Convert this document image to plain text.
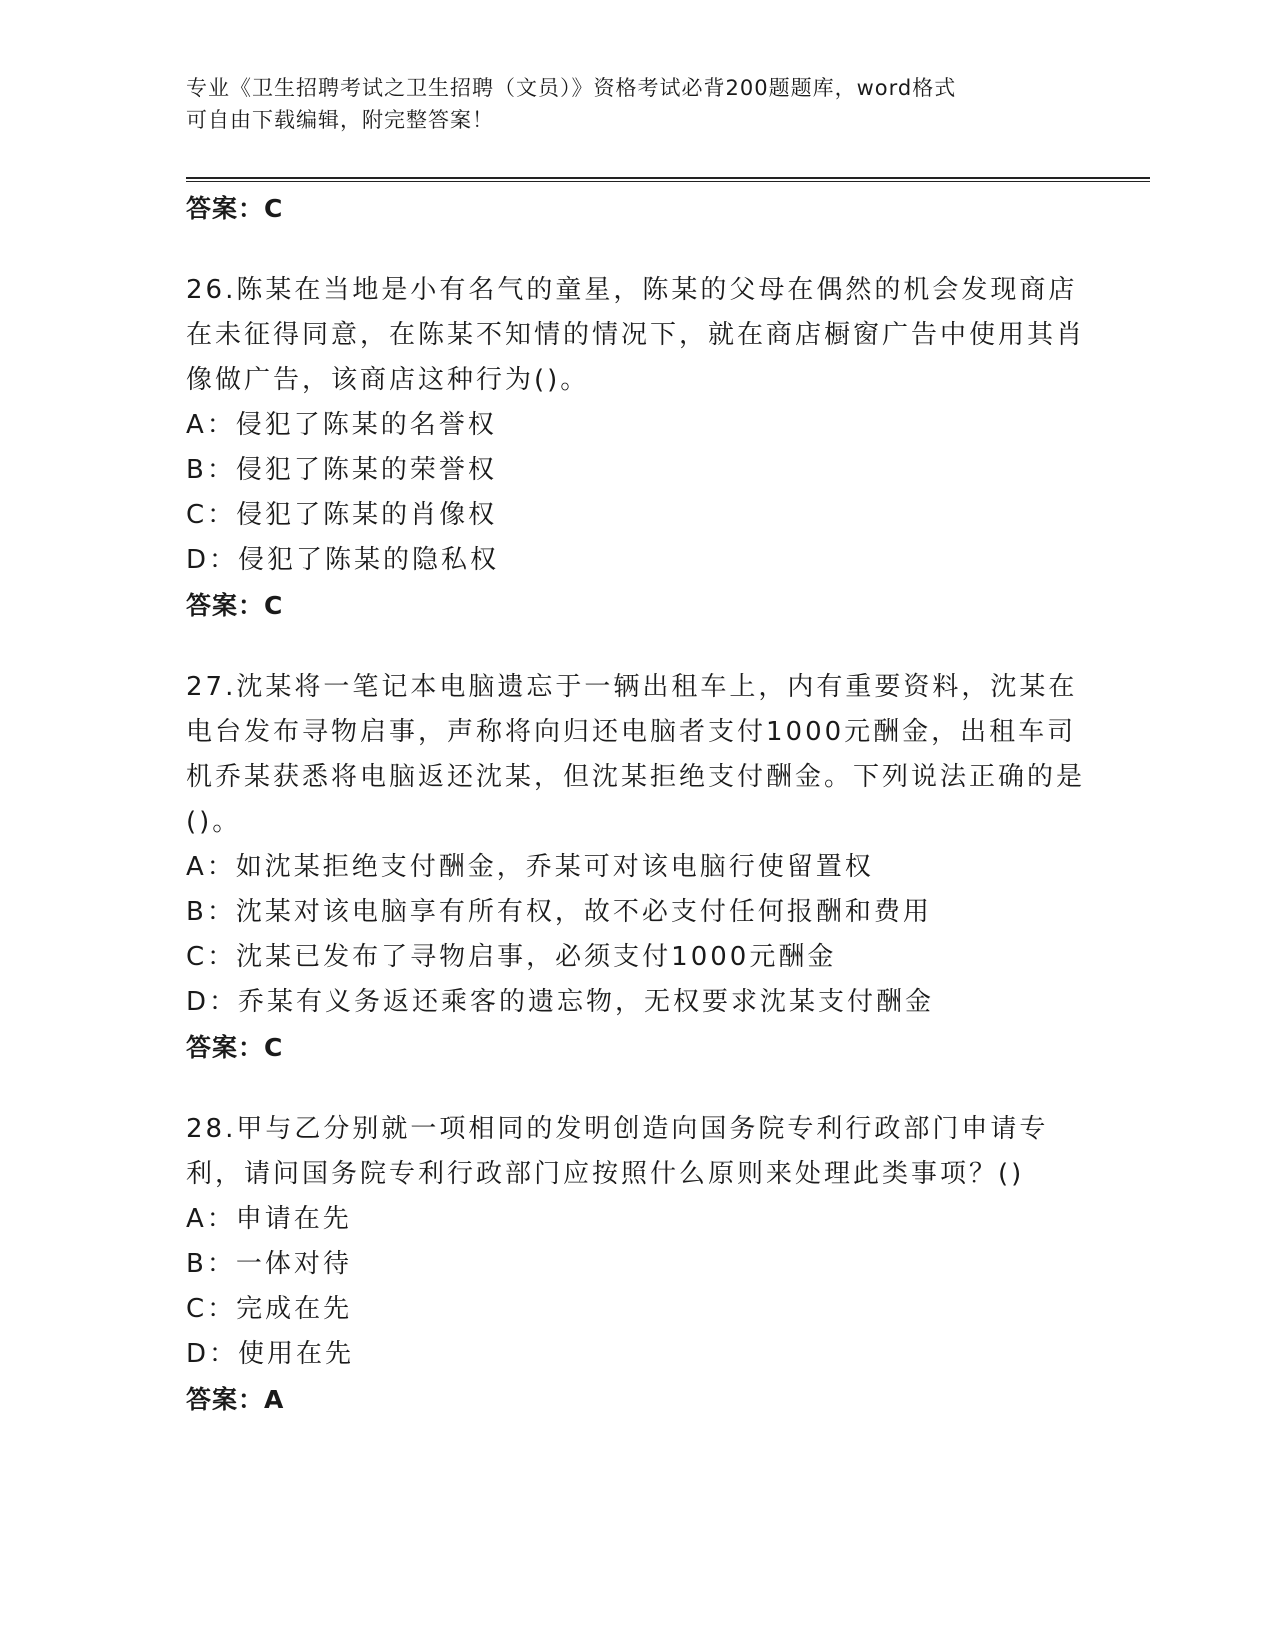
专业《卫生招聘考试之卫生招聘（文员）》资格考试必背200题题库，word格式
可自由下载编辑，附完整答案！
答案：C
26.陈某在当地是小有名气的童星，陈某的父母在偶然的机会发现商店在未征得同意，在陈某不知情的情况下，就在商店橱窗广告中使用其肖像做广告，该商店这种行为()。
A：侵犯了陈某的名誉权
B：侵犯了陈某的荣誉权
C：侵犯了陈某的肖像权
D：侵犯了陈某的隐私权
答案：C
27.沈某将一笔记本电脑遗忘于一辆出租车上，内有重要资料，沈某在电台发布寻物启事，声称将向归还电脑者支付1000元酬金，出租车司机乔某获悉将电脑返还沈某，但沈某拒绝支付酬金。下列说法正确的是()。
A：如沈某拒绝支付酬金，乔某可对该电脑行使留置权
B：沈某对该电脑享有所有权，故不必支付任何报酬和费用
C：沈某已发布了寻物启事，必须支付1000元酬金
D：乔某有义务返还乘客的遗忘物，无权要求沈某支付酬金
答案：C
28.甲与乙分别就一项相同的发明创造向国务院专利行政部门申请专利，请问国务院专利行政部门应按照什么原则来处理此类事项？()
A：申请在先
B：一体对待
C：完成在先
D：使用在先
答案：A
